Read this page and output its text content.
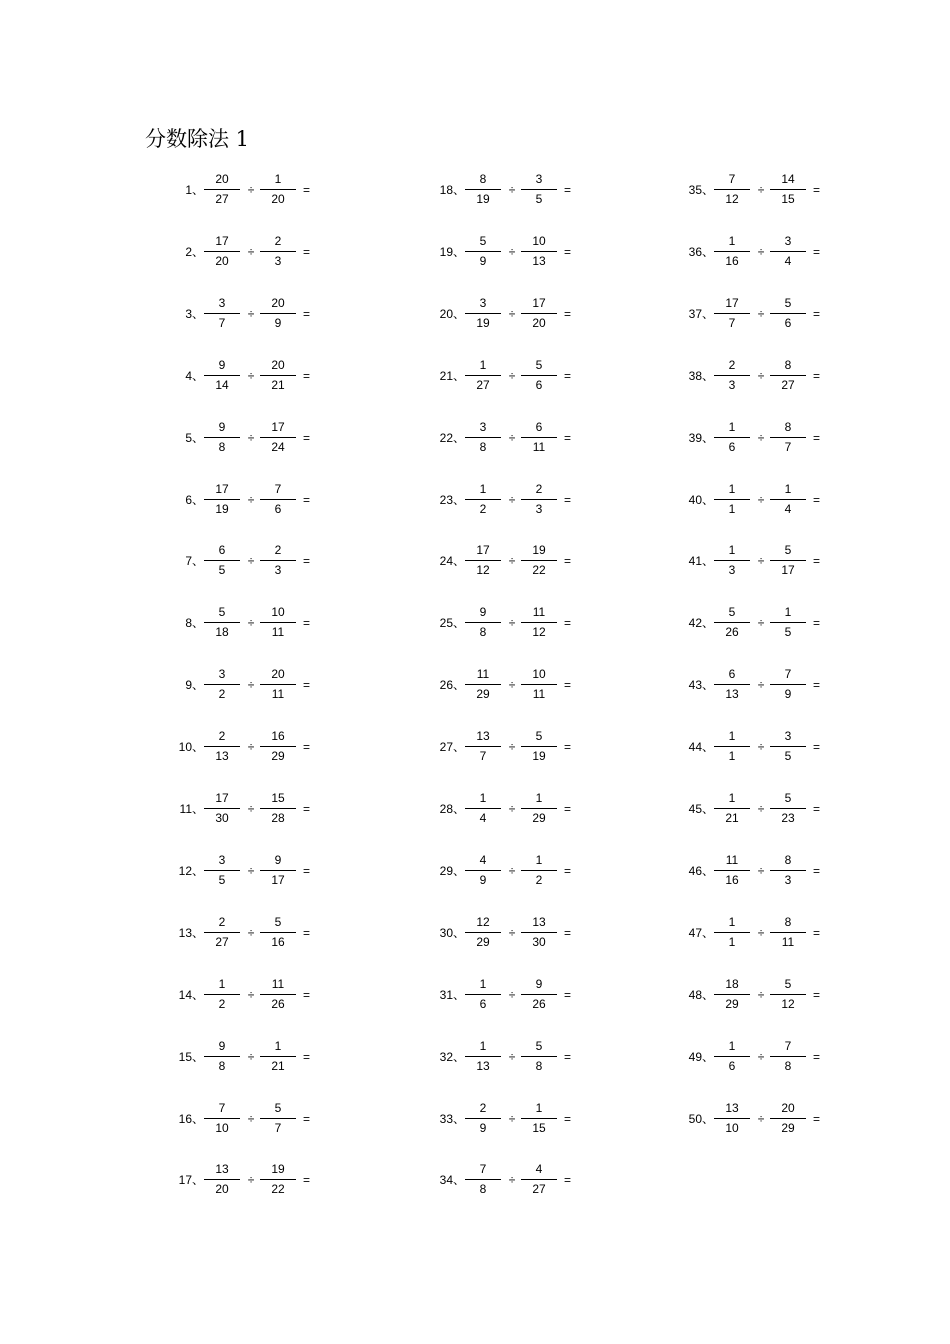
分数除法 1
1、
20
27
÷
1
20
=
2、
17
20
÷
2
3
=
3、
3
7
÷
20
9
=
4、
9
14
÷
20
21
=
5、
9
8
÷
17
24
=
6、
17
19
÷
7
6
=
7、
6
5
÷
2
3
=
8、
5
18
÷
10
11
=
9、
3
2
÷
20
11
=
10、
2
13
÷
16
29
=
11、
17
30
÷
15
28
=
12、
3
5
÷
9
17
=
13、
2
27
÷
5
16
=
14、
1
2
÷
11
26
=
15、
9
8
÷
1
21
=
16、
7
10
÷
5
7
=
17、
13
20
÷
19
22
=
18、
8
19
÷
3
5
=
19、
5
9
÷
10
13
=
20、
3
19
÷
17
20
=
21、
1
27
÷
5
6
=
22、
3
8
÷
6
11
=
23、
1
2
÷
2
3
=
24、
17
12
÷
19
22
=
25、
9
8
÷
11
12
=
26、
11
29
÷
10
11
=
27、
13
7
÷
5
19
=
28、
1
4
÷
1
29
=
29、
4
9
÷
1
2
=
30、
12
29
÷
13
30
=
31、
1
6
÷
9
26
=
32、
1
13
÷
5
8
=
33、
2
9
÷
1
15
=
34、
7
8
÷
4
27
=
35、
7
12
÷
14
15
=
36、
1
16
÷
3
4
=
37、
17
7
÷
5
6
=
38、
2
3
÷
8
27
=
39、
1
6
÷
8
7
=
40、
1
1
÷
1
4
=
41、
1
3
÷
5
17
=
42、
5
26
÷
1
5
=
43、
6
13
÷
7
9
=
44、
1
1
÷
3
5
=
45、
1
21
÷
5
23
=
46、
11
16
÷
8
3
=
47、
1
1
÷
8
11
=
48、
18
29
÷
5
12
=
49、
1
6
÷
7
8
=
50、
13
10
÷
20
29
=
